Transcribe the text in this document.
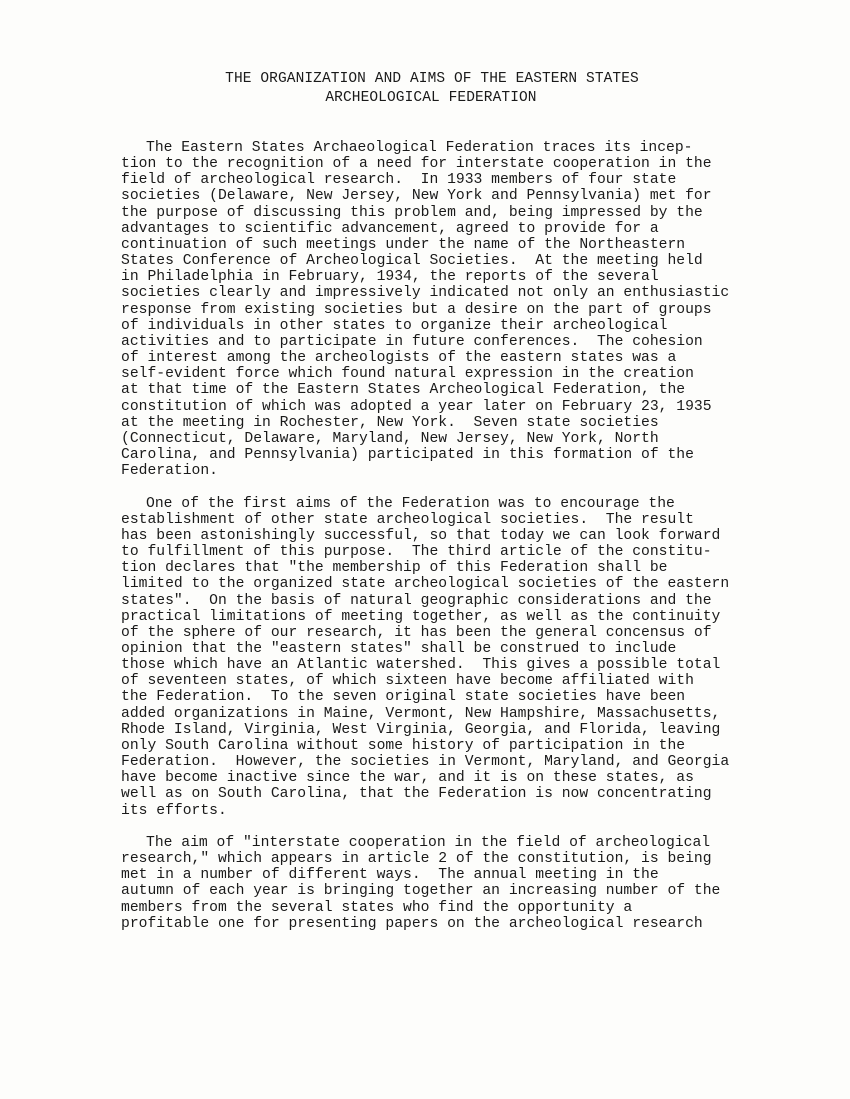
THE ORGANIZATION AND AIMS OF THE EASTERN STATES
ARCHEOLOGICAL FEDERATION
The Eastern States Archaeological Federation traces its incep-
tion to the recognition of a need for interstate cooperation in the
field of archeological research.  In 1933 members of four state
societies (Delaware, New Jersey, New York and Pennsylvania) met for
the purpose of discussing this problem and, being impressed by the
advantages to scientific advancement, agreed to provide for a
continuation of such meetings under the name of the Northeastern
States Conference of Archeological Societies.  At the meeting held
in Philadelphia in February, 1934, the reports of the several
societies clearly and impressively indicated not only an enthusiastic
response from existing societies but a desire on the part of groups
of individuals in other states to organize their archeological
activities and to participate in future conferences.  The cohesion
of interest among the archeologists of the eastern states was a
self-evident force which found natural expression in the creation
at that time of the Eastern States Archeological Federation, the
constitution of which was adopted a year later on February 23, 1935
at the meeting in Rochester, New York.  Seven state societies
(Connecticut, Delaware, Maryland, New Jersey, New York, North
Carolina, and Pennsylvania) participated in this formation of the
Federation.
One of the first aims of the Federation was to encourage the
establishment of other state archeological societies.  The result
has been astonishingly successful, so that today we can look forward
to fulfillment of this purpose.  The third article of the constitu-
tion declares that "the membership of this Federation shall be
limited to the organized state archeological societies of the eastern
states".  On the basis of natural geographic considerations and the
practical limitations of meeting together, as well as the continuity
of the sphere of our research, it has been the general concensus of
opinion that the "eastern states" shall be construed to include
those which have an Atlantic watershed.  This gives a possible total
of seventeen states, of which sixteen have become affiliated with
the Federation.  To the seven original state societies have been
added organizations in Maine, Vermont, New Hampshire, Massachusetts,
Rhode Island, Virginia, West Virginia, Georgia, and Florida, leaving
only South Carolina without some history of participation in the
Federation.  However, the societies in Vermont, Maryland, and Georgia
have become inactive since the war, and it is on these states, as
well as on South Carolina, that the Federation is now concentrating
its efforts.
The aim of "interstate cooperation in the field of archeological
research," which appears in article 2 of the constitution, is being
met in a number of different ways.  The annual meeting in the
autumn of each year is bringing together an increasing number of the
members from the several states who find the opportunity a
profitable one for presenting papers on the archeological research
